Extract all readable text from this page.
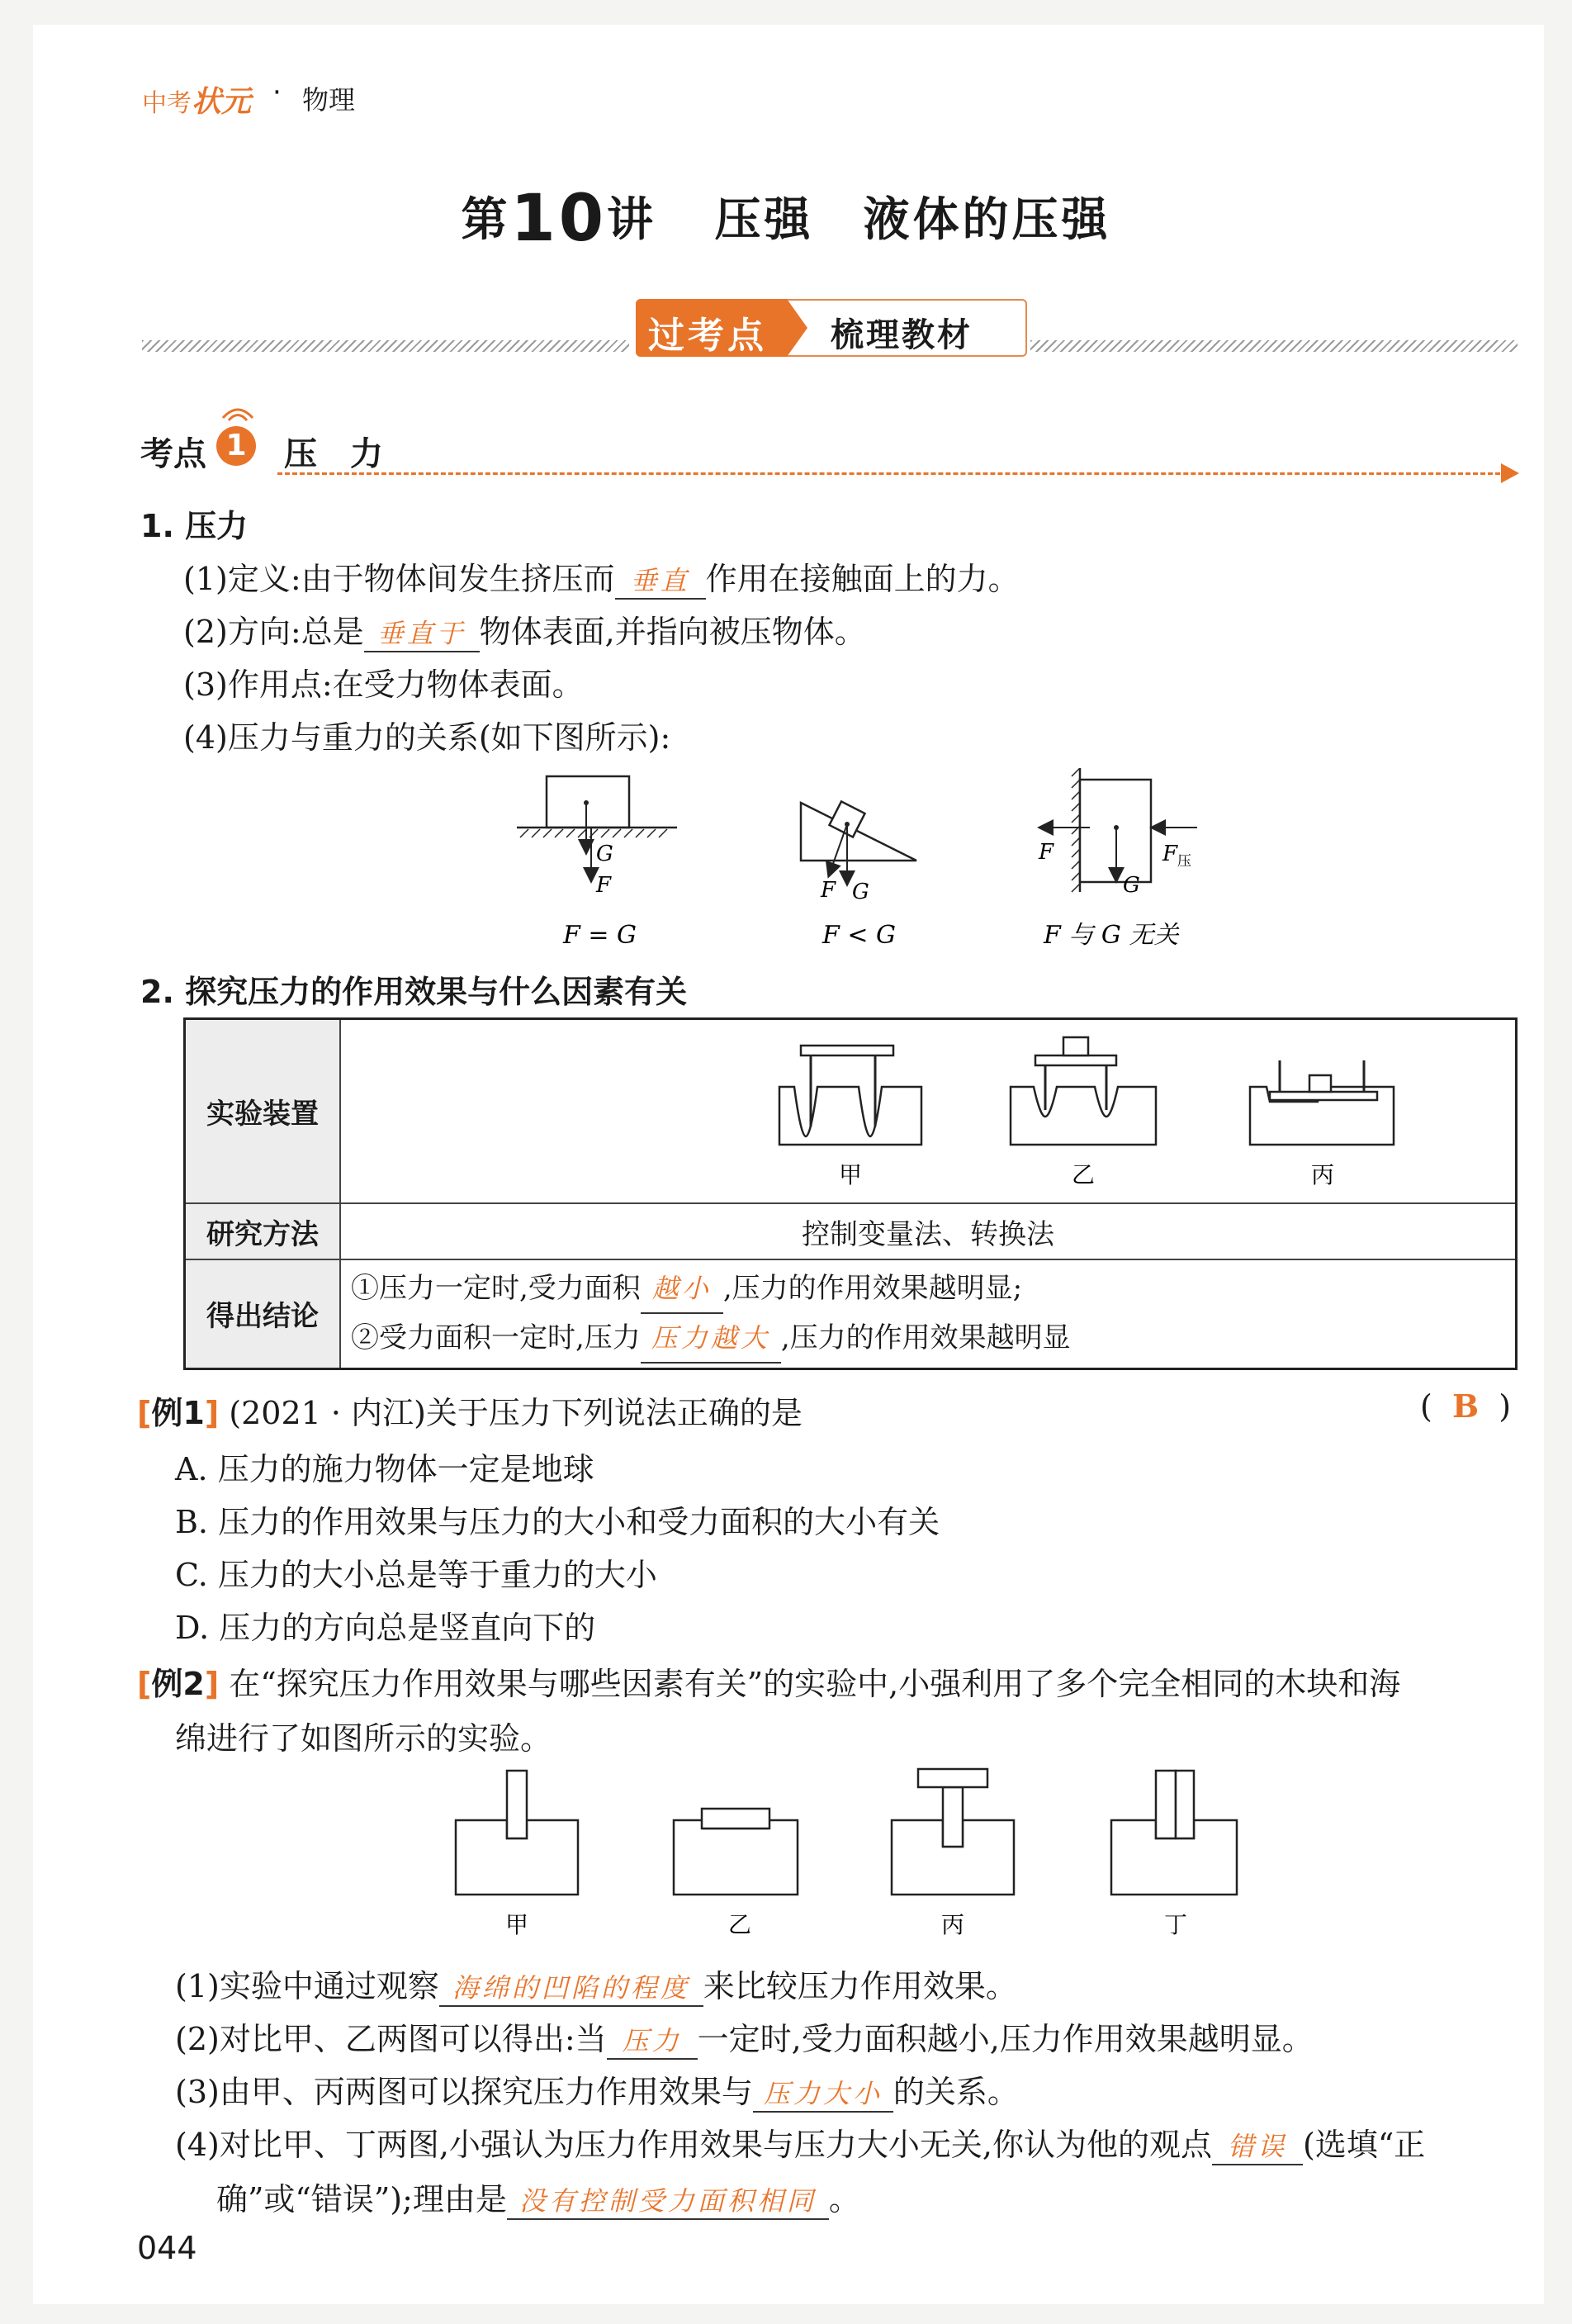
中考状元 · 物理
第10讲 压强　液体的压强
过考点 梳理教材
考点 1 压力
1. 压力
(1)定义:由于物体间发生挤压而 垂直 作用在接触面上的力。
(2)方向:总是 垂直于 物体表面,并指向被压物体。
(3)作用点:在受力物体表面。
(4)压力与重力的关系(如下图所示):
G
F
F = G
F G
F < G
F	$F_压$
G
F 与 G 无关
2. 探究压力的作用效果与什么因素有关
实验装置	甲 乙 丙

研究方法	控制变量法、转换法
得出结论	①压力一定时,受力面积 越小 ,压力的作用效果越明显;
②受力面积一定时,压力 压力越大 ,压力的作用效果越明显
[例1] (2021 · 内江)关于压力下列说法正确的是	(  B  )
A. 压力的施力物体一定是地球
B. 压力的作用效果与压力的大小和受力面积的大小有关
C. 压力的大小总是等于重力的大小
D. 压力的方向总是竖直向下的
[例2] 在“探究压力作用效果与哪些因素有关”的实验中,小强利用了多个完全相同的木块和海
绵进行了如图所示的实验。
甲	乙	丙	丁
(1)实验中通过观察 海绵的凹陷的程度 来比较压力作用效果。
(2)对比甲、乙两图可以得出:当 压力 一定时,受力面积越小,压力作用效果越明显。
(3)由甲、丙两图可以探究压力作用效果与 压力大小 的关系。
(4)对比甲、丁两图,小强认为压力作用效果与压力大小无关,你认为他的观点 错误 (选填“正
确”或“错误”);理由是 没有控制受力面积相同 。
044
